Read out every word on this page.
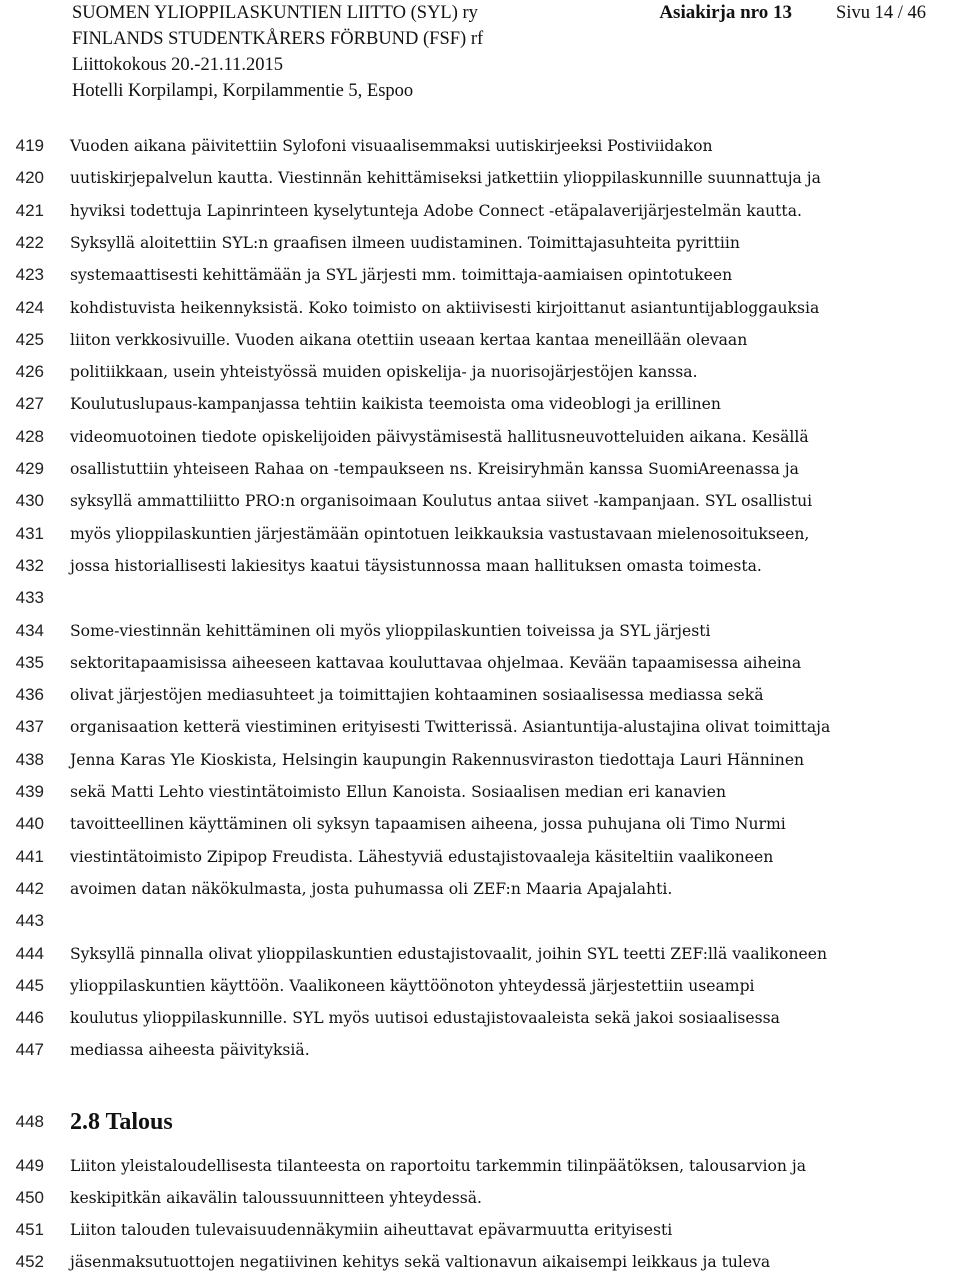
SUOMEN YLIOPPILASKUNTIEN LIITTO (SYL) ry
FINLANDS STUDENTKÅRERS FÖRBUND (FSF) rf
Liittokokous 20.-21.11.2015
Hotelli Korpilampi, Korpilammentie 5, Espoo
Asiakirja nro 13 Sivu 14 / 46
419 Vuoden aikana päivitettiin Sylofoni visuaalisemmaksi uutiskirjeeksi Postiviidakon
420 uutiskirjepalvelun kautta. Viestinnän kehittämiseksi jatkettiin ylioppilaskunnille suunnattuja ja
421 hyviksi todettuja Lapinrinteen kyselytunteja Adobe Connect -etäpalaverijärjestelmän kautta.
422 Syksyllä aloitettiin SYL:n graafisen ilmeen uudistaminen. Toimittajasuhteita pyrittiin
423 systemaattisesti kehittämään ja SYL järjesti mm. toimittaja-aamiaisen opintotukeen
424 kohdistuvista heikennyksistä. Koko toimisto on aktiivisesti kirjoittanut asiantuntijabloggauksia
425 liiton verkkosivuille. Vuoden aikana otettiin useaan kertaa kantaa meneillään olevaan
426 politiikkaan, usein yhteistyössä muiden opiskelija- ja nuorisojärjestöjen kanssa.
427 Koulutuslupaus-kampanjassa tehtiin kaikista teemoista oma videoblogi ja erillinen
428 videomuotoinen tiedote opiskelijoiden päivystämisestä hallitusneuvotteluiden aikana. Kesällä
429 osallistuttiin yhteiseen Rahaa on -tempaukseen ns. Kreisiryhmän kanssa SuomiAreenassa ja
430 syksyllä ammattiliitto PRO:n organisoimaan Koulutus antaa siivet -kampanjaan. SYL osallistui
431 myös ylioppilaskuntien järjestämään opintotuen leikkauksia vastustavaan mielenosoitukseen,
432 jossa historiallisesti lakiesitys kaatui täysistunnossa maan hallituksen omasta toimesta.
433
434 Some-viestinnän kehittäminen oli myös ylioppilaskuntien toiveissa ja SYL järjesti
435 sektoritapaamisissa aiheeseen kattavaa kouluttavaa ohjelmaa. Kevään tapaamisessa aiheina
436 olivat järjestöjen mediasuhteet ja toimittajien kohtaaminen sosiaalisessa mediassa sekä
437 organisaation ketterä viestiminen erityisesti Twitterissä. Asiantuntija-alustajina olivat toimittaja
438 Jenna Karas Yle Kioskista, Helsingin kaupungin Rakennusviraston tiedottaja Lauri Hänninen
439 sekä Matti Lehto viestintätoimisto Ellun Kanoista. Sosiaalisen median eri kanavien
440 tavoitteellinen käyttäminen oli syksyn tapaamisen aiheena, jossa puhujana oli Timo Nurmi
441 viestintätoimisto Zipipop Freudista. Lähestyviä edustajistovaaleja käsiteltiin vaalikoneen
442 avoimen datan näkökulmasta, josta puhumassa oli ZEF:n Maaria Apajalahti.
443
444 Syksyllä pinnalla olivat ylioppilaskuntien edustajistovaalit, joihin SYL teetti ZEF:llä vaalikoneen
445 ylioppilaskuntien käyttöön. Vaalikoneen käyttöönoton yhteydessä järjestettiin useampi
446 koulutus ylioppilaskunnille. SYL myös uutisoi edustajistovaaleista sekä jakoi sosiaalisessa
447 mediassa aiheesta päivityksiä.
448 2.8 Talous
449 Liiton yleistaloudellisesta tilanteesta on raportoitu tarkemmin tilinpäätöksen, talousarvion ja
450 keskipitkän aikavälin taloussuunnitteen yhteydessä.
451 Liiton talouden tulevaisuudennäkymiin aiheuttavat epävarmuutta erityisesti
452 jäsenmaksutuottojen negatiivinen kehitys sekä valtionavun aikaisempi leikkaus ja tuleva
